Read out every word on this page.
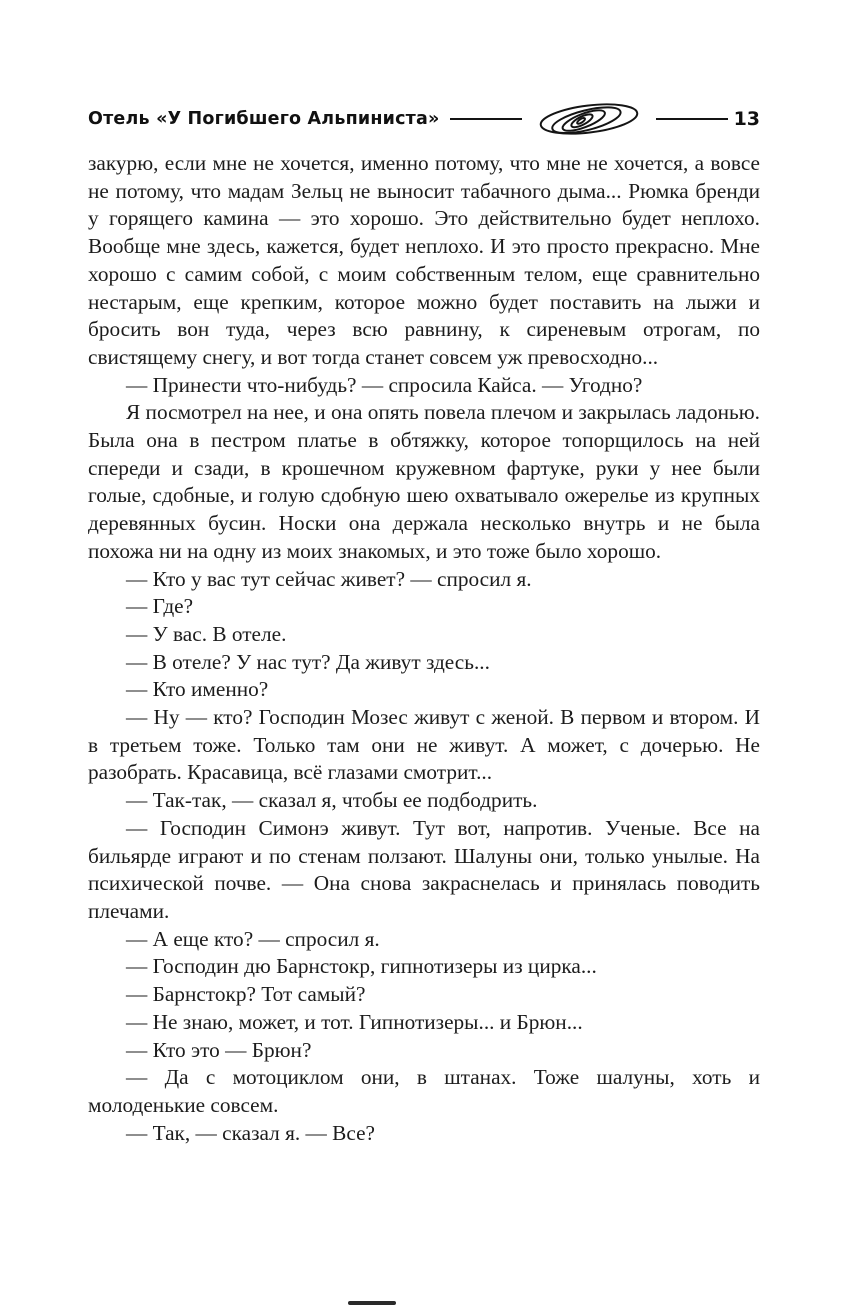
Отель «У Погибшего Альпиниста»	13

закурю, если мне не хочется, именно потому, что мне не хочется, а вовсе не потому, что мадам Зельц не выносит табачного дыма... Рюмка бренди у горящего камина — это хорошо. Это действительно будет неплохо. Вообще мне здесь, кажется, будет неплохо. И это просто прекрасно. Мне хорошо с самим собой, с моим собственным телом, еще сравнительно нестарым, еще крепким, которое можно будет поставить на лыжи и бросить вон туда, через всю равнину, к сиреневым отрогам, по свистящему снегу, и вот тогда станет совсем уж превосходно...

— Принести что-нибудь? — спросила Кайса. — Угодно?

Я посмотрел на нее, и она опять повела плечом и закрылась ладонью. Была она в пестром платье в обтяжку, которое топорщилось на ней спереди и сзади, в крошечном кружевном фартуке, руки у нее были голые, сдобные, и голую сдобную шею охватывало ожерелье из крупных деревянных бусин. Носки она держала несколько внутрь и не была похожа ни на одну из моих знакомых, и это тоже было хорошо.

— Кто у вас тут сейчас живет? — спросил я.

— Где?

— У вас. В отеле.

— В отеле? У нас тут? Да живут здесь...

— Кто именно?

— Ну — кто? Господин Мозес живут с женой. В первом и втором. И в третьем тоже. Только там они не живут. А может, с дочерью. Не разобрать. Красавица, всё глазами смотрит...

— Так-так, — сказал я, чтобы ее подбодрить.

— Господин Симонэ живут. Тут вот, напротив. Ученые. Все на бильярде играют и по стенам ползают. Шалуны они, только унылые. На психической почве. — Она снова закраснелась и принялась поводить плечами.

— А еще кто? — спросил я.

— Господин дю Барнстокр, гипнотизеры из цирка...

— Барнстокр? Тот самый?

— Не знаю, может, и тот. Гипнотизеры... и Брюн...

— Кто это — Брюн?

— Да с мотоциклом они, в штанах. Тоже шалуны, хоть и молоденькие совсем.

— Так, — сказал я. — Все?
